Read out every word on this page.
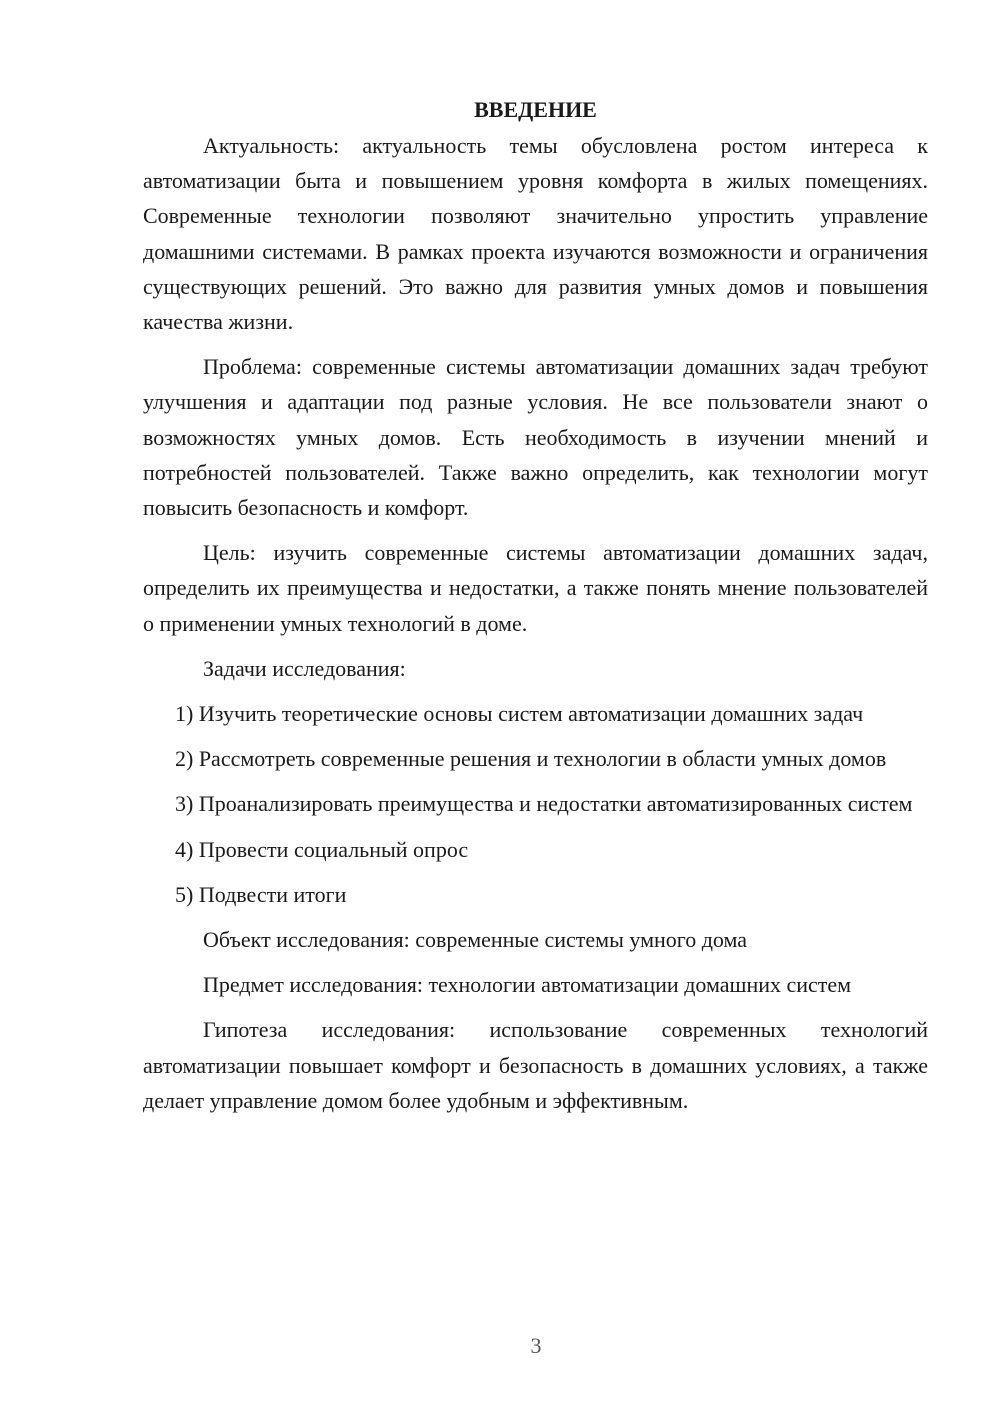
ВВЕДЕНИЕ

Актуальность: актуальность темы обусловлена ростом интереса к автоматизации быта и повышением уровня комфорта в жилых помещениях. Современные технологии позволяют значительно упростить управление домашними системами. В рамках проекта изучаются возможности и ограничения существующих решений. Это важно для развития умных домов и повышения качества жизни.

Проблема: современные системы автоматизации домашних задач требуют улучшения и адаптации под разные условия. Не все пользователи знают о возможностях умных домов. Есть необходимость в изучении мнений и потребностей пользователей. Также важно определить, как технологии могут повысить безопасность и комфорт.

Цель: изучить современные системы автоматизации домашних задач, определить их преимущества и недостатки, а также понять мнение пользователей о применении умных технологий в доме.

Задачи исследования:

1) Изучить теоретические основы систем автоматизации домашних задач

2) Рассмотреть современные решения и технологии в области умных домов

3) Проанализировать преимущества и недостатки автоматизированных систем

4) Провести социальный опрос

5) Подвести итоги

Объект исследования: современные системы умного дома

Предмет исследования: технологии автоматизации домашних систем

Гипотеза исследования: использование современных технологий автоматизации повышает комфорт и безопасность в домашних условиях, а также делает управление домом более удобным и эффективным.

3
